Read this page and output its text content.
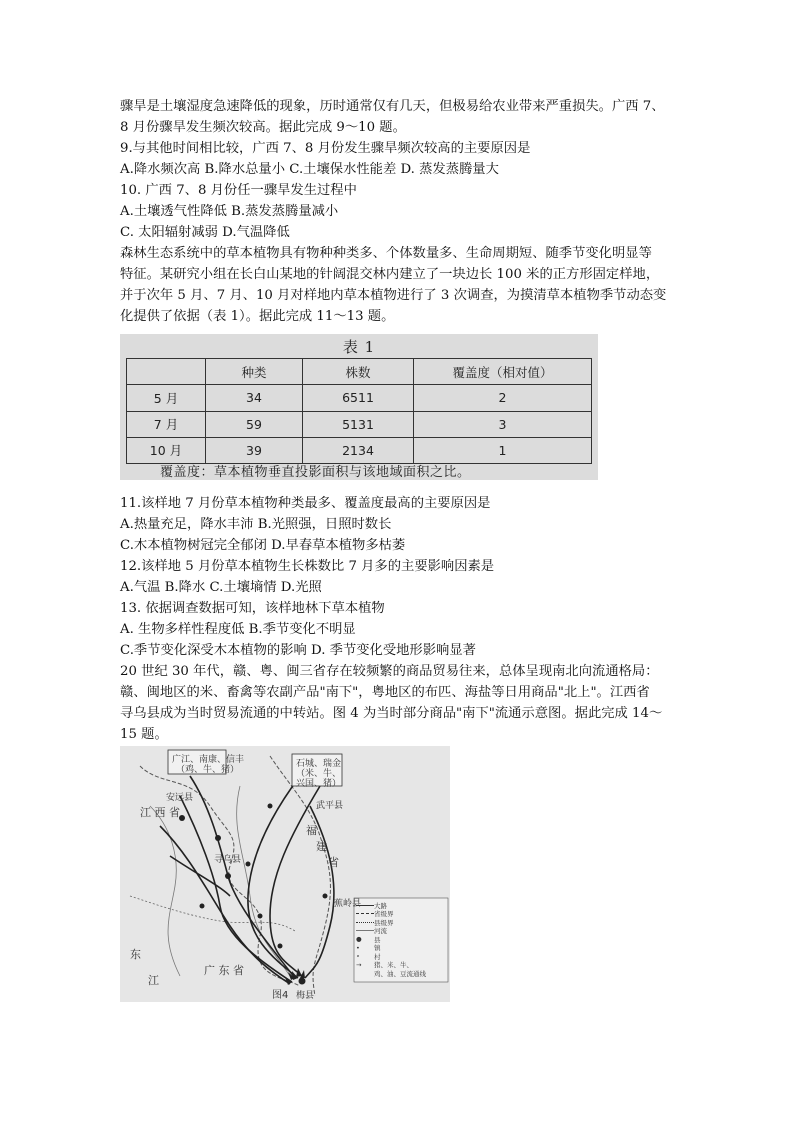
骤旱是土壤湿度急速降低的现象，历时通常仅有几天，但极易给农业带来严重损失。广西 7、
8 月份骤旱发生频次较高。据此完成 9～10 题。
9.与其他时间相比较，广西 7、8 月份发生骤旱频次较高的主要原因是
A.降水频次高 B.降水总量小 C.土壤保水性能差 D. 蒸发蒸腾量大
10. 广西 7、8 月份任一骤旱发生过程中
A.土壤透气性降低 B.蒸发蒸腾量减小
C. 太阳辐射减弱 D.气温降低
森林生态系统中的草本植物具有物种种类多、个体数量多、生命周期短、随季节变化明显等
特征。某研究小组在长白山某地的针阔混交林内建立了一块边长 100 米的正方形固定样地，
并于次年 5 月、7 月、10 月对样地内草本植物进行了 3 次调查，为摸清草本植物季节动态变
化提供了依据（表 1）。据此完成 11～13 题。
表 1
	种类	株数	覆盖度（相对值）
5 月	34	6511	2
7 月	59	5131	3
10 月	39	2134	1
覆盖度：草本植物垂直投影面积与该地域面积之比。
11.该样地 7 月份草本植物种类最多、覆盖度最高的主要原因是
A.热量充足，降水丰沛 B.光照强，日照时数长
C.木本植物树冠完全郁闭 D.早春草本植物多枯萎
12.该样地 5 月份草本植物生长株数比 7 月多的主要影响因素是
A.气温 B.降水 C.土壤墒情 D.光照
13. 依据调查数据可知，该样地林下草本植物
A. 生物多样性程度低 B.季节变化不明显
C.季节变化深受木本植物的影响 D. 季节变化受地形影响显著
20 世纪 30 年代，赣、粤、闽三省存在较频繁的商品贸易往来，总体呈现南北向流通格局：
赣、闽地区的米、畜禽等农副产品"南下"，粤地区的布匹、海盐等日用商品"北上"。江西省
寻乌县成为当时贸易流通的中转站。图 4 为当时部分商品"南下"流通示意图。据此完成 14～
15 题。
广江、南康、信丰
（鸡、牛、猪）
石城、瑞金
（米、牛、
兴国、猪）
安远县
江 西 省	武平县
寻乌县
福
建
省
蕉岭县
广 东 省
东
江
梅县
大路
省级界
县级界
河流
●	县
•	镇
∘	村
→	猪、米、牛、
鸡、油、豆流通线
图4
